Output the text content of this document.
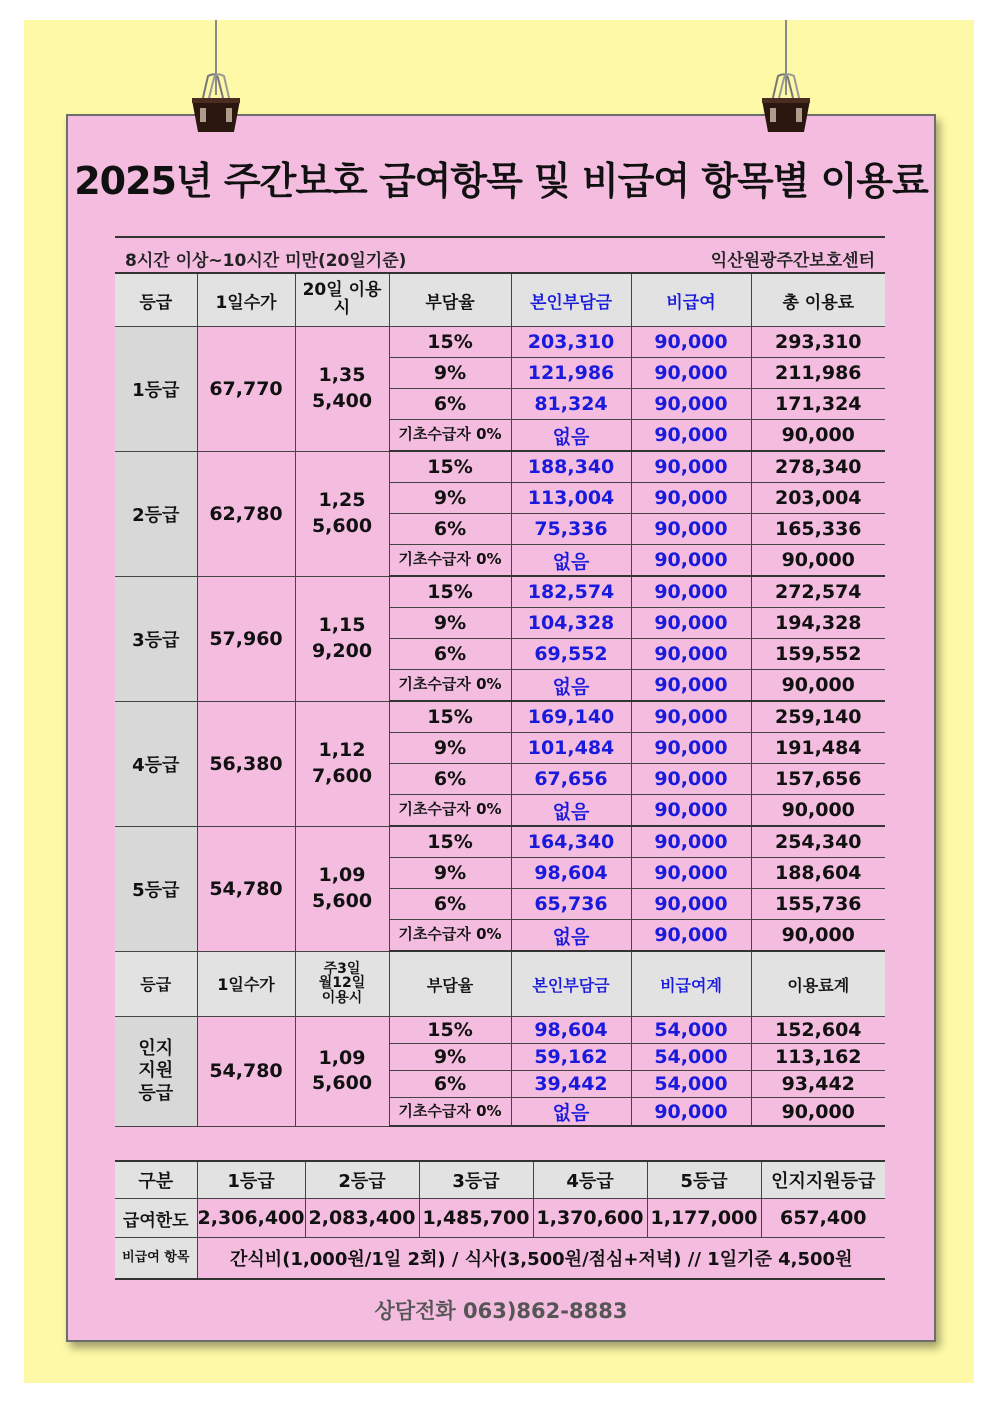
2025년 주간보호 급여항목 및 비급여 항목별 이용료
8시간 이상~10시간 미만(20일기준)	익산원광주간보호센터
등급	1일수가	20일 이용시	부담율	본인부담금	비급여	총 이용료
1등급	67,770	1,355,400	15%	203,310	90,000	293,310
			9%	121,986	90,000	211,986
			6%	81,324	90,000	171,324
			기초수급자 0%	없음	90,000	90,000
2등급	62,780	1,255,600	15%	188,340	90,000	278,340
			9%	113,004	90,000	203,004
			6%	75,336	90,000	165,336
			기초수급자 0%	없음	90,000	90,000
3등급	57,960	1,159,200	15%	182,574	90,000	272,574
			9%	104,328	90,000	194,328
			6%	69,552	90,000	159,552
			기초수급자 0%	없음	90,000	90,000
4등급	56,380	1,127,600	15%	169,140	90,000	259,140
			9%	101,484	90,000	191,484
			6%	67,656	90,000	157,656
			기초수급자 0%	없음	90,000	90,000
5등급	54,780	1,095,600	15%	164,340	90,000	254,340
			9%	98,604	90,000	188,604
			6%	65,736	90,000	155,736
			기초수급자 0%	없음	90,000	90,000
등급	1일수가	주3일 월12일 이용시	부담율	본인부담금	비급여계	이용료계
인지 지원 등급	54,780	1,095,600	15%	98,604	54,000	152,604
			9%	59,162	54,000	113,162
			6%	39,442	54,000	93,442
			기초수급자 0%	없음	90,000	90,000
구분	1등급	2등급	3등급	4등급	5등급	인지지원등급
급여한도	2,306,400	2,083,400	1,485,700	1,370,600	1,177,000	657,400
비급여 항목	간식비(1,000원/1일 2회) / 식사(3,500원/점심+저녁) // 1일기준 4,500원					
상담전화 063)862-8883
